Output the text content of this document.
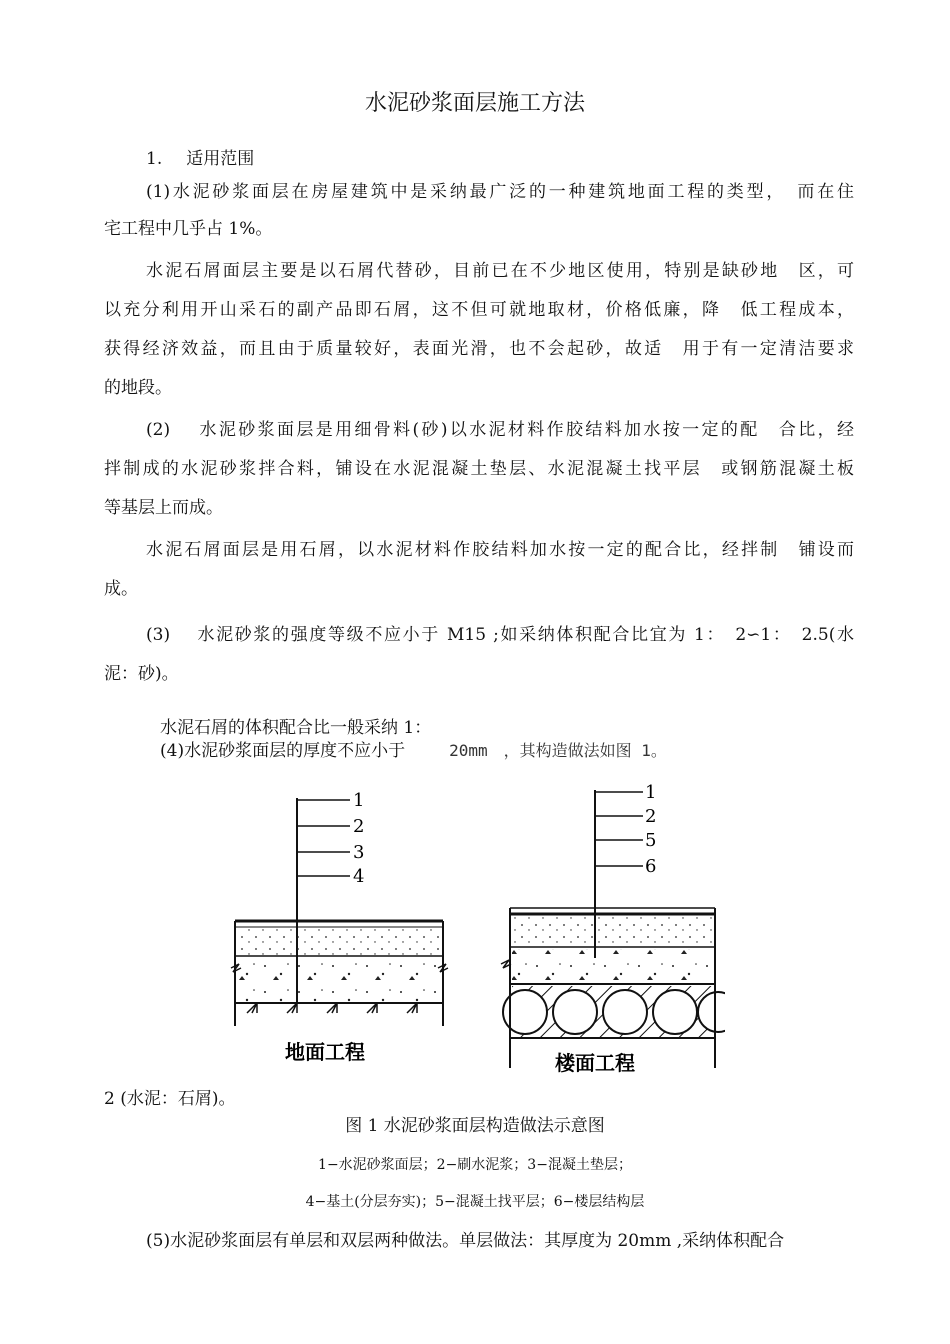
水泥砂浆面层施工方法
1. 适用范围
(1)水泥砂浆面层在房屋建筑中是采纳最广泛的一种建筑地面工程的类型，　而在住
宅工程中几乎占 1%。
水泥石屑面层主要是以石屑代替砂，目前已在不少地区使用，特别是缺砂地　区，可
以充分利用开山采石的副产品即石屑，这不但可就地取材，价格低廉，降　低工程成本，
获得经济效益，而且由于质量较好，表面光滑，也不会起砂，故适　用于有一定清洁要求
的地段。
(2)　 水泥砂浆面层是用细骨料(砂)以水泥材料作胶结料加水按一定的配　合比，经
拌制成的水泥砂浆拌合料，铺设在水泥混凝土垫层、水泥混凝土找平层　或钢筋混凝土板
等基层上而成。
水泥石屑面层是用石屑，以水泥材料作胶结料加水按一定的配合比，经拌制　铺设而
成。
(3)　 水泥砂浆的强度等级不应小于 M15 ;如采纳体积配合比宜为 1：　2∽1：　2.5(水
泥：砂)。
水泥石屑的体积配合比一般采纳 1：
(4)水泥砂浆面层的厚度不应小于	20mm　，其构造做法如图 1。
1
2
3
4
地面工程
1
2
5
6
楼面工程
2 (水泥：石屑)。
图 1 水泥砂浆面层构造做法示意图
1−水泥砂浆面层；2−刷水泥浆；3−混凝土垫层；
4−基土(分层夯实)；5−混凝土找平层；6−楼层结构层
(5)水泥砂浆面层有单层和双层两种做法。单层做法：其厚度为 20mm ,采纳体积配合
